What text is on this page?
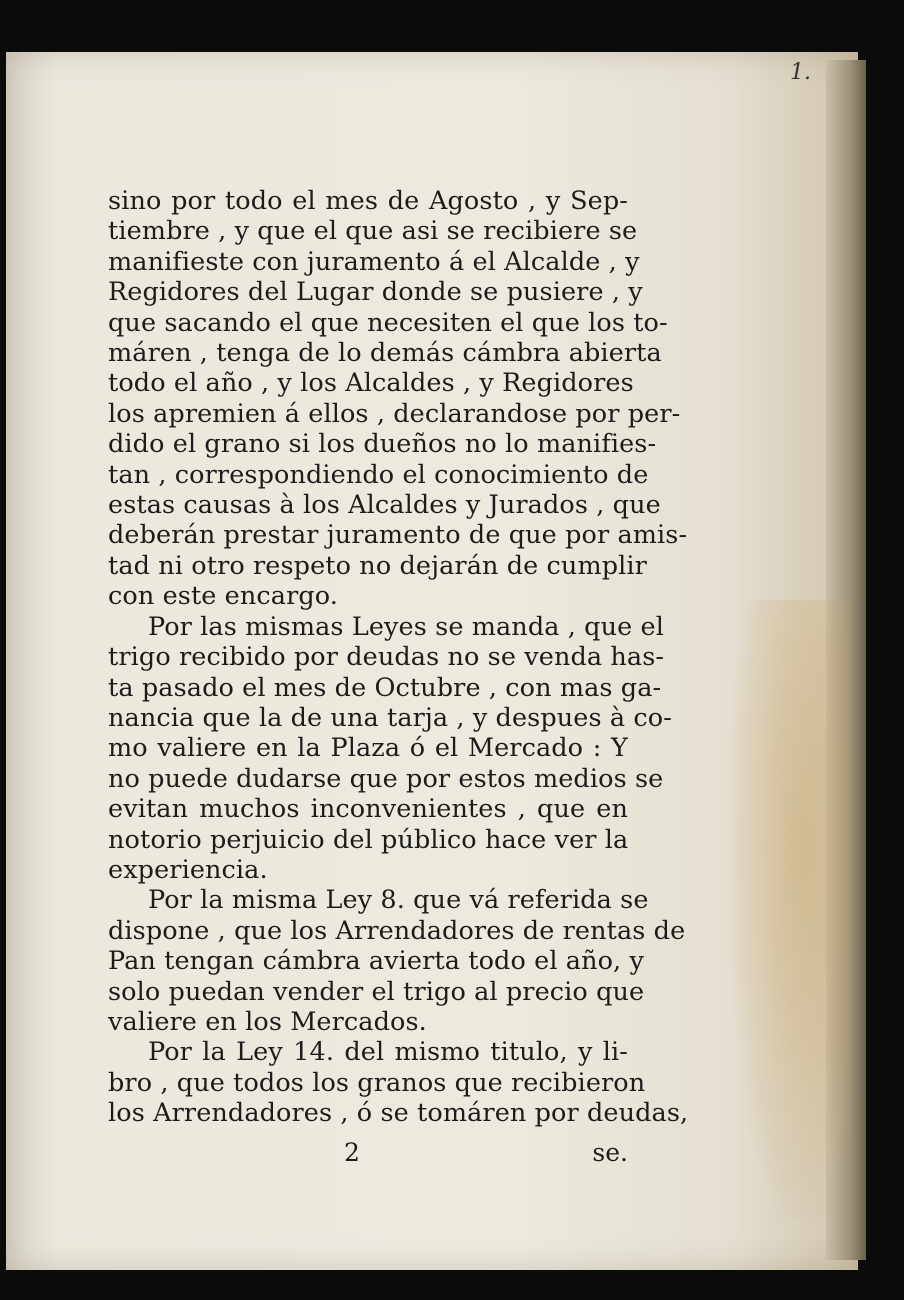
1.
sino por todo el mes de Agosto , y Sep-
tiembre , y que el que asi se recibiere se
manifieste con juramento á el Alcalde , y
Regidores del Lugar donde se pusiere , y
que sacando el que necesiten el que los to-
máren , tenga de lo demás cámbra abierta
todo el año , y los Alcaldes , y Regidores
los apremien á ellos , declarandose por per-
dido el grano si los dueños no lo manifies-
tan , correspondiendo el conocimiento de
estas causas à los Alcaldes y Jurados , que
deberán prestar juramento de que por amis-
tad ni otro respeto no dejarán de cumplir
con este encargo.
Por las mismas Leyes se manda , que el
trigo recibido por deudas no se venda has-
ta pasado el mes de Octubre , con mas ga-
nancia que la de una tarja , y despues à co-
mo valiere en la Plaza ó el Mercado : Y
no puede dudarse que por estos medios se
evitan muchos inconvenientes , que en
notorio perjuicio del público hace ver la
experiencia.
Por la misma Ley 8. que vá referida se
dispone , que los Arrendadores de rentas de
Pan tengan cámbra avierta todo el año, y
solo puedan vender el trigo al precio que
valiere en los Mercados.
Por la Ley 14. del mismo titulo, y li-
bro , que todos los granos que recibieron
los Arrendadores , ó se tomáren por deudas,
2	se.
